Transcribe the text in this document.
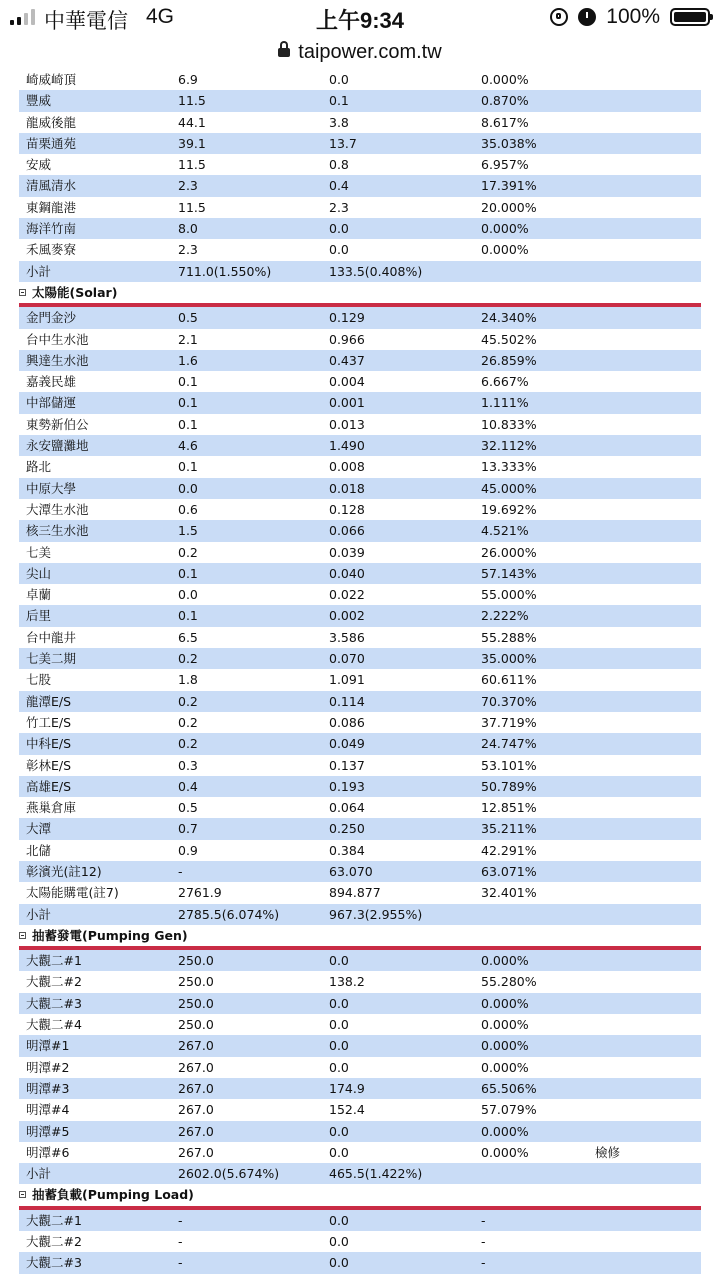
中華電信 4G	上午9:34	100%
taipower.com.tw
崎威崎頂	6.9	0.0	0.000%
豐威	11.5	0.1	0.870%
龍威後龍	44.1	3.8	8.617%
苗栗通苑	39.1	13.7	35.038%
安威	11.5	0.8	6.957%
清風清水	2.3	0.4	17.391%
東鋼龍港	11.5	2.3	20.000%
海洋竹南	8.0	0.0	0.000%
禾風麥寮	2.3	0.0	0.000%
小計	711.0(1.550%)	133.5(0.408%)
太陽能(Solar)
金門金沙	0.5	0.129	24.340%
台中生水池	2.1	0.966	45.502%
興達生水池	1.6	0.437	26.859%
嘉義民雄	0.1	0.004	6.667%
中部儲運	0.1	0.001	1.111%
東勢新伯公	0.1	0.013	10.833%
永安鹽灘地	4.6	1.490	32.112%
路北	0.1	0.008	13.333%
中原大學	0.0	0.018	45.000%
大潭生水池	0.6	0.128	19.692%
核三生水池	1.5	0.066	4.521%
七美	0.2	0.039	26.000%
尖山	0.1	0.040	57.143%
卓蘭	0.0	0.022	55.000%
后里	0.1	0.002	2.222%
台中龍井	6.5	3.586	55.288%
七美二期	0.2	0.070	35.000%
七股	1.8	1.091	60.611%
龍潭E/S	0.2	0.114	70.370%
竹工E/S	0.2	0.086	37.719%
中科E/S	0.2	0.049	24.747%
彰林E/S	0.3	0.137	53.101%
高雄E/S	0.4	0.193	50.789%
燕巢倉庫	0.5	0.064	12.851%
大潭	0.7	0.250	35.211%
北儲	0.9	0.384	42.291%
彰濱光(註12)	-	63.070	63.071%
太陽能購電(註7)	2761.9	894.877	32.401%
小計	2785.5(6.074%)	967.3(2.955%)
抽蓄發電(Pumping Gen)
大觀二#1	250.0	0.0	0.000%
大觀二#2	250.0	138.2	55.280%
大觀二#3	250.0	0.0	0.000%
大觀二#4	250.0	0.0	0.000%
明潭#1	267.0	0.0	0.000%
明潭#2	267.0	0.0	0.000%
明潭#3	267.0	174.9	65.506%
明潭#4	267.0	152.4	57.079%
明潭#5	267.0	0.0	0.000%
明潭#6	267.0	0.0	0.000%	檢修
小計	2602.0(5.674%)	465.5(1.422%)
抽蓄負載(Pumping Load)
大觀二#1	-	0.0	-
大觀二#2	-	0.0	-
大觀二#3	-	0.0	-
